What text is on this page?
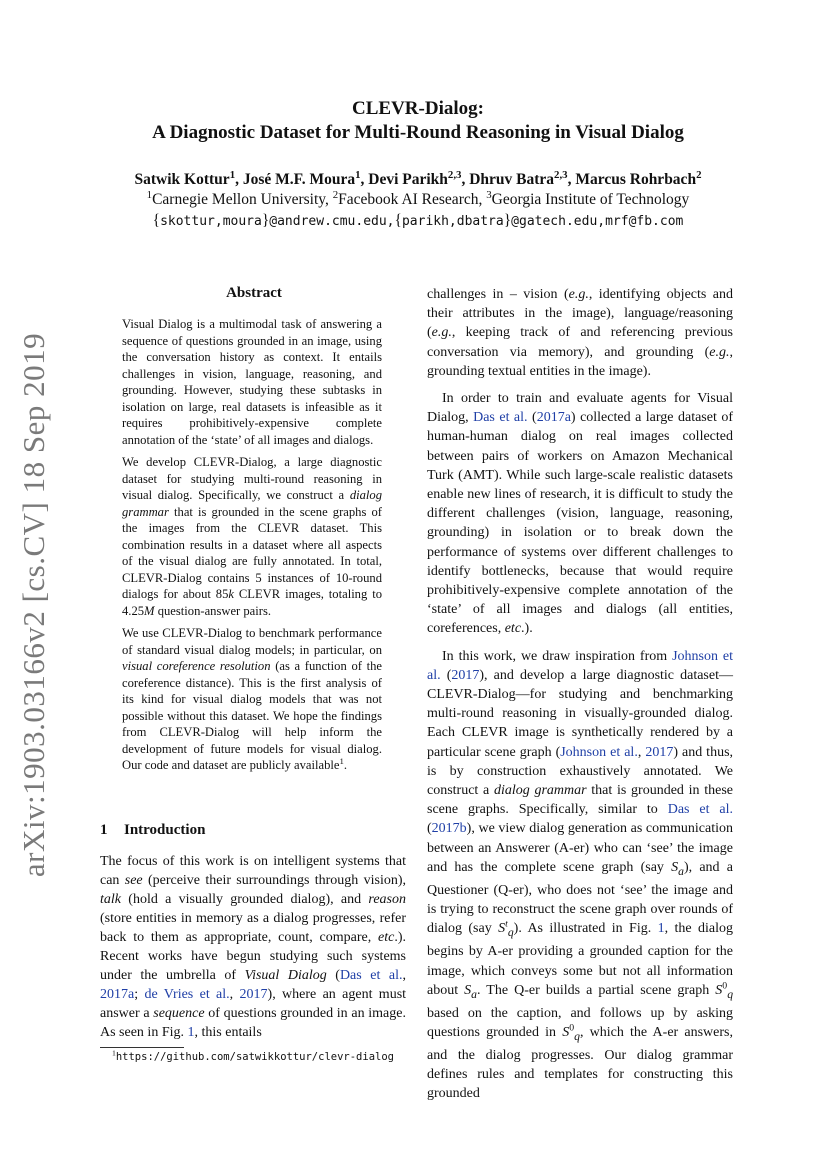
arXiv:1903.03166v2 [cs.CV] 18 Sep 2019
CLEVR-Dialog:
A Diagnostic Dataset for Multi-Round Reasoning in Visual Dialog
Satwik Kottur$^1$, José M.F. Moura$^1$, Devi Parikh$^{2,3}$, Dhruv Batra$^{2,3}$, Marcus Rohrbach$^2$
$^1$Carnegie Mellon University, $^2$Facebook AI Research, $^3$Georgia Institute of Technology
{skottur,moura}@andrew.cmu.edu,{parikh,dbatra}@gatech.edu,mrf@fb.com
Abstract

Visual Dialog is a multimodal task of answering a sequence of questions grounded in an image, using the conversation history as context. It entails challenges in vision, language, reasoning, and grounding. However, studying these subtasks in isolation on large, real datasets is infeasible as it requires prohibitively-expensive complete annotation of the ‘state’ of all images and dialogs.

We develop CLEVR-Dialog, a large diagnostic dataset for studying multi-round reasoning in visual dialog. Specifically, we construct a dialog grammar that is grounded in the scene graphs of the images from the CLEVR dataset. This combination results in a dataset where all aspects of the visual dialog are fully annotated. In total, CLEVR-Dialog contains 5 instances of 10-round dialogs for about 85k CLEVR images, totaling to 4.25M question-answer pairs.

We use CLEVR-Dialog to benchmark performance of standard visual dialog models; in particular, on visual coreference resolution (as a function of the coreference distance). This is the first analysis of its kind for visual dialog models that was not possible without this dataset. We hope the findings from CLEVR-Dialog will help inform the development of future models for visual dialog. Our code and dataset are publicly available$^1$.

1 Introduction

The focus of this work is on intelligent systems that can see (perceive their surroundings through vision), talk (hold a visually grounded dialog), and reason (store entities in memory as a dialog progresses, refer back to them as appropriate, count, compare, etc.). Recent works have begun studying such systems under the umbrella of Visual Dialog (Das et al., 2017a; de Vries et al., 2017), where an agent must answer a sequence of questions grounded in an image. As seen in Fig. 1, this entails

$^1$https://github.com/satwikkottur/clevr-dialog

challenges in – vision (e.g., identifying objects and their attributes in the image), language/reasoning (e.g., keeping track of and referencing previous conversation via memory), and grounding (e.g., grounding textual entities in the image).

In order to train and evaluate agents for Visual Dialog, Das et al. (2017a) collected a large dataset of human-human dialog on real images collected between pairs of workers on Amazon Mechanical Turk (AMT). While such large-scale realistic datasets enable new lines of research, it is difficult to study the different challenges (vision, language, reasoning, grounding) in isolation or to break down the performance of systems over different challenges to identify bottlenecks, because that would require prohibitively-expensive complete annotation of the ‘state’ of all images and dialogs (all entities, coreferences, etc.).

In this work, we draw inspiration from Johnson et al. (2017), and develop a large diagnostic dataset—CLEVR-Dialog—for studying and benchmarking multi-round reasoning in visually-grounded dialog. Each CLEVR image is synthetically rendered by a particular scene graph (Johnson et al., 2017) and thus, is by construction exhaustively annotated. We construct a dialog grammar that is grounded in these scene graphs. Specifically, similar to Das et al. (2017b), we view dialog generation as communication between an Answerer (A-er) who can ‘see’ the image and has the complete scene graph (say $S_a$), and a Questioner (Q-er), who does not ‘see’ the image and is trying to reconstruct the scene graph over rounds of dialog (say $S^t_q$). As illustrated in Fig. 1, the dialog begins by A-er providing a grounded caption for the image, which conveys some but not all information about $S_a$. The Q-er builds a partial scene graph $S^0_q$ based on the caption, and follows up by asking questions grounded in $S^0_q$, which the A-er answers, and the dialog progresses. Our dialog grammar defines rules and templates for constructing this grounded
